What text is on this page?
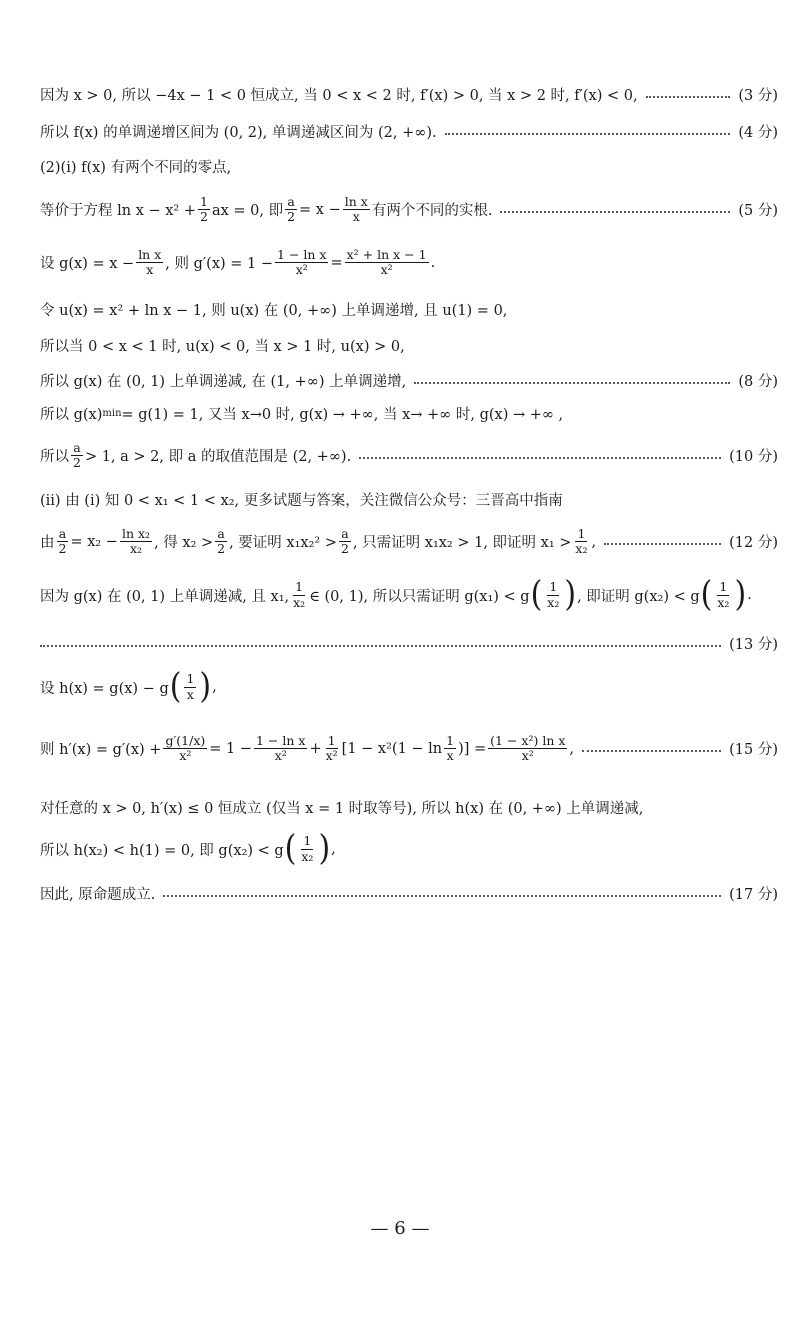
因为 x > 0, 所以 −4x − 1 < 0 恒成立, 当 0 < x < 2 时, f′(x) > 0, 当 x > 2 时, f′(x) < 0,	(3 分)
所以 f(x) 的单调递增区间为 (0, 2), 单调递减区间为 (2, +∞).	(4 分)
(2)(ⅰ) f(x) 有两个不同的零点,
等价于方程 $\ln x - x^2 + \frac{1}{2}$ ax = 0, 即 $\frac{a}{2} = x - \frac{\text{ln x}}{x}$ 有两个不同的实根.	(5 分)
设 $g(x) = x - \frac{\text{ln x}}{x}$ , 则 $g'(x) = 1 - \frac{\text{1 − ln x}}{\text{x²}} = \frac{\text{x² + ln x − 1}}{\text{x²}}$ .
令 u(x) = x² + ln x − 1, 则 u(x) 在 (0, +∞) 上单调递增, 且 u(1) = 0,
所以当 0 < x < 1 时, u(x) < 0, 当 x > 1 时, u(x) > 0,
所以 g(x) 在 (0, 1) 上单调递减, 在 (1, +∞) 上单调递增,	(8 分)
所以 g(x) min = g(1) = 1, 又当 x→0 时, g(x) → +∞, 当 x→ +∞ 时, g(x) → +∞ ,
所以 $\frac{a}{2} > 1$, a > 2, 即 a 的取值范围是 (2, +∞).	(10 分)
(ⅱ) 由 (ⅰ) 知 0 < x₁ < 1 < x₂, 更多试题与答案，关注微信公众号：三晋高中指南
由 $\frac{a}{2} = x_2 - \frac{\text{ln x₂}}{\text{x₂}}$ , 得 $x_2 > \frac{a}{2}$ , 要证明 $x_1x_2^2 > \frac{a}{2}$ , 只需证明 x₁x₂ > 1, 即证明 $x_1 > \frac{1}{\text{x₂}}$ ,	(12 分)
因为 g(x) 在 (0, 1) 上单调递减, 且 x₁, $\frac{1}{\text{x₂}}$ ∈ (0, 1), 所以只需证明 g(x₁) < g ( $\frac{1}{\text{x₂}}$ ) , 即证明 g(x₂) < g ( $\frac{1}{\text{x₂}}$ ) .
(13 分)
设 h(x) = g(x) − g ( $\frac{1}{x}$ ) ,
则 $h'(x) = g'(x) + \frac{g'(1/x)}{\text{x²}} = 1 - \frac{\text{1 − ln x}}{\text{x²}} + \frac{1}{\text{x²}} [1 - x^2(1 - \ln \frac{1}{x}$ )] = $\frac{\text{(1 − x²) ln x}}{\text{x²}}$ ,	(15 分)
对任意的 x > 0, h′(x) ≤ 0 恒成立 (仅当 x = 1 时取等号), 所以 h(x) 在 (0, +∞) 上单调递减,
所以 h(x₂) < h(1) = 0, 即 g(x₂) < g ( $\frac{1}{\text{x₂}}$ ) ,
因此, 原命题成立.	(17 分)
— 6 —
